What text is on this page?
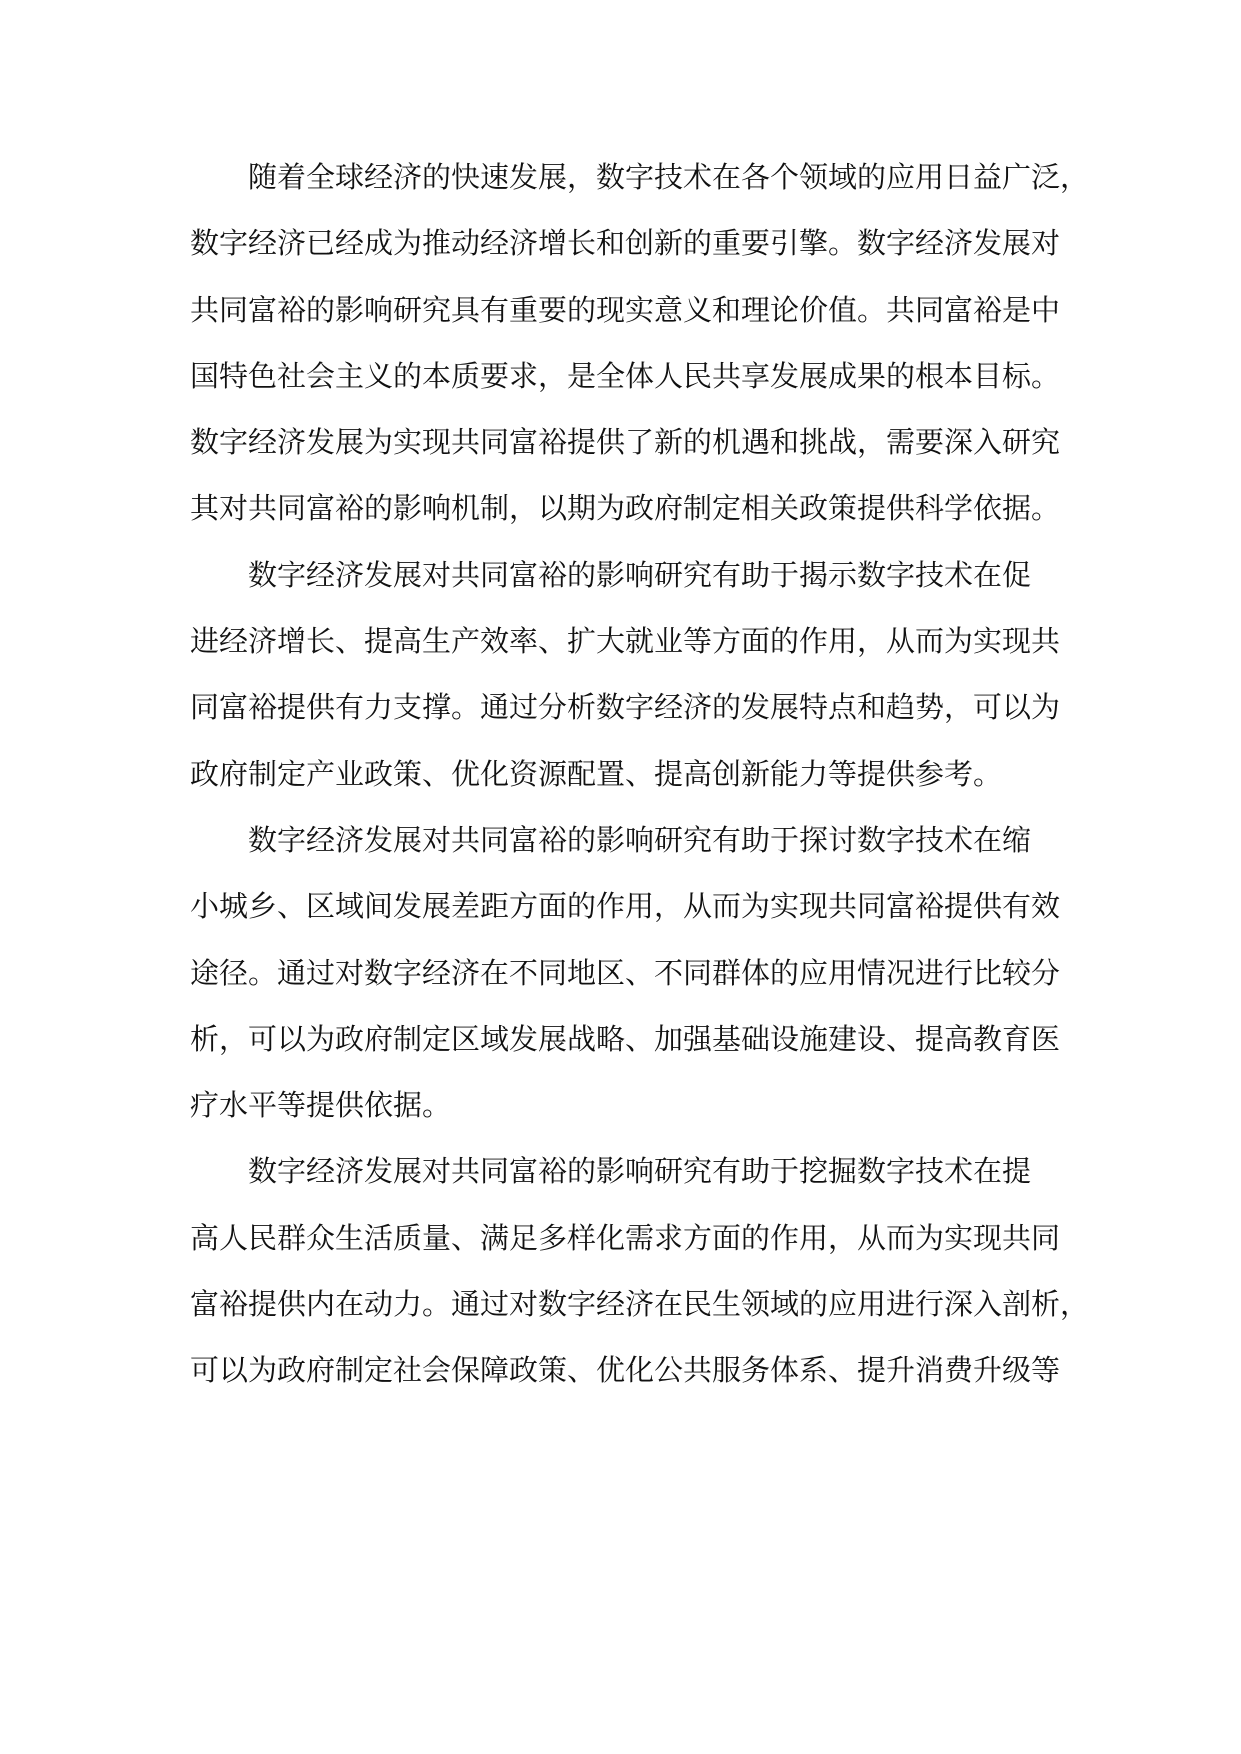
随着全球经济的快速发展，数字技术在各个领域的应用日益广泛，
数字经济已经成为推动经济增长和创新的重要引擎。数字经济发展对
共同富裕的影响研究具有重要的现实意义和理论价值。共同富裕是中
国特色社会主义的本质要求，是全体人民共享发展成果的根本目标。
数字经济发展为实现共同富裕提供了新的机遇和挑战，需要深入研究
其对共同富裕的影响机制，以期为政府制定相关政策提供科学依据。
数字经济发展对共同富裕的影响研究有助于揭示数字技术在促
进经济增长、提高生产效率、扩大就业等方面的作用，从而为实现共
同富裕提供有力支撑。通过分析数字经济的发展特点和趋势，可以为
政府制定产业政策、优化资源配置、提高创新能力等提供参考。
数字经济发展对共同富裕的影响研究有助于探讨数字技术在缩
小城乡、区域间发展差距方面的作用，从而为实现共同富裕提供有效
途径。通过对数字经济在不同地区、不同群体的应用情况进行比较分
析，可以为政府制定区域发展战略、加强基础设施建设、提高教育医
疗水平等提供依据。
数字经济发展对共同富裕的影响研究有助于挖掘数字技术在提
高人民群众生活质量、满足多样化需求方面的作用，从而为实现共同
富裕提供内在动力。通过对数字经济在民生领域的应用进行深入剖析，
可以为政府制定社会保障政策、优化公共服务体系、提升消费升级等
